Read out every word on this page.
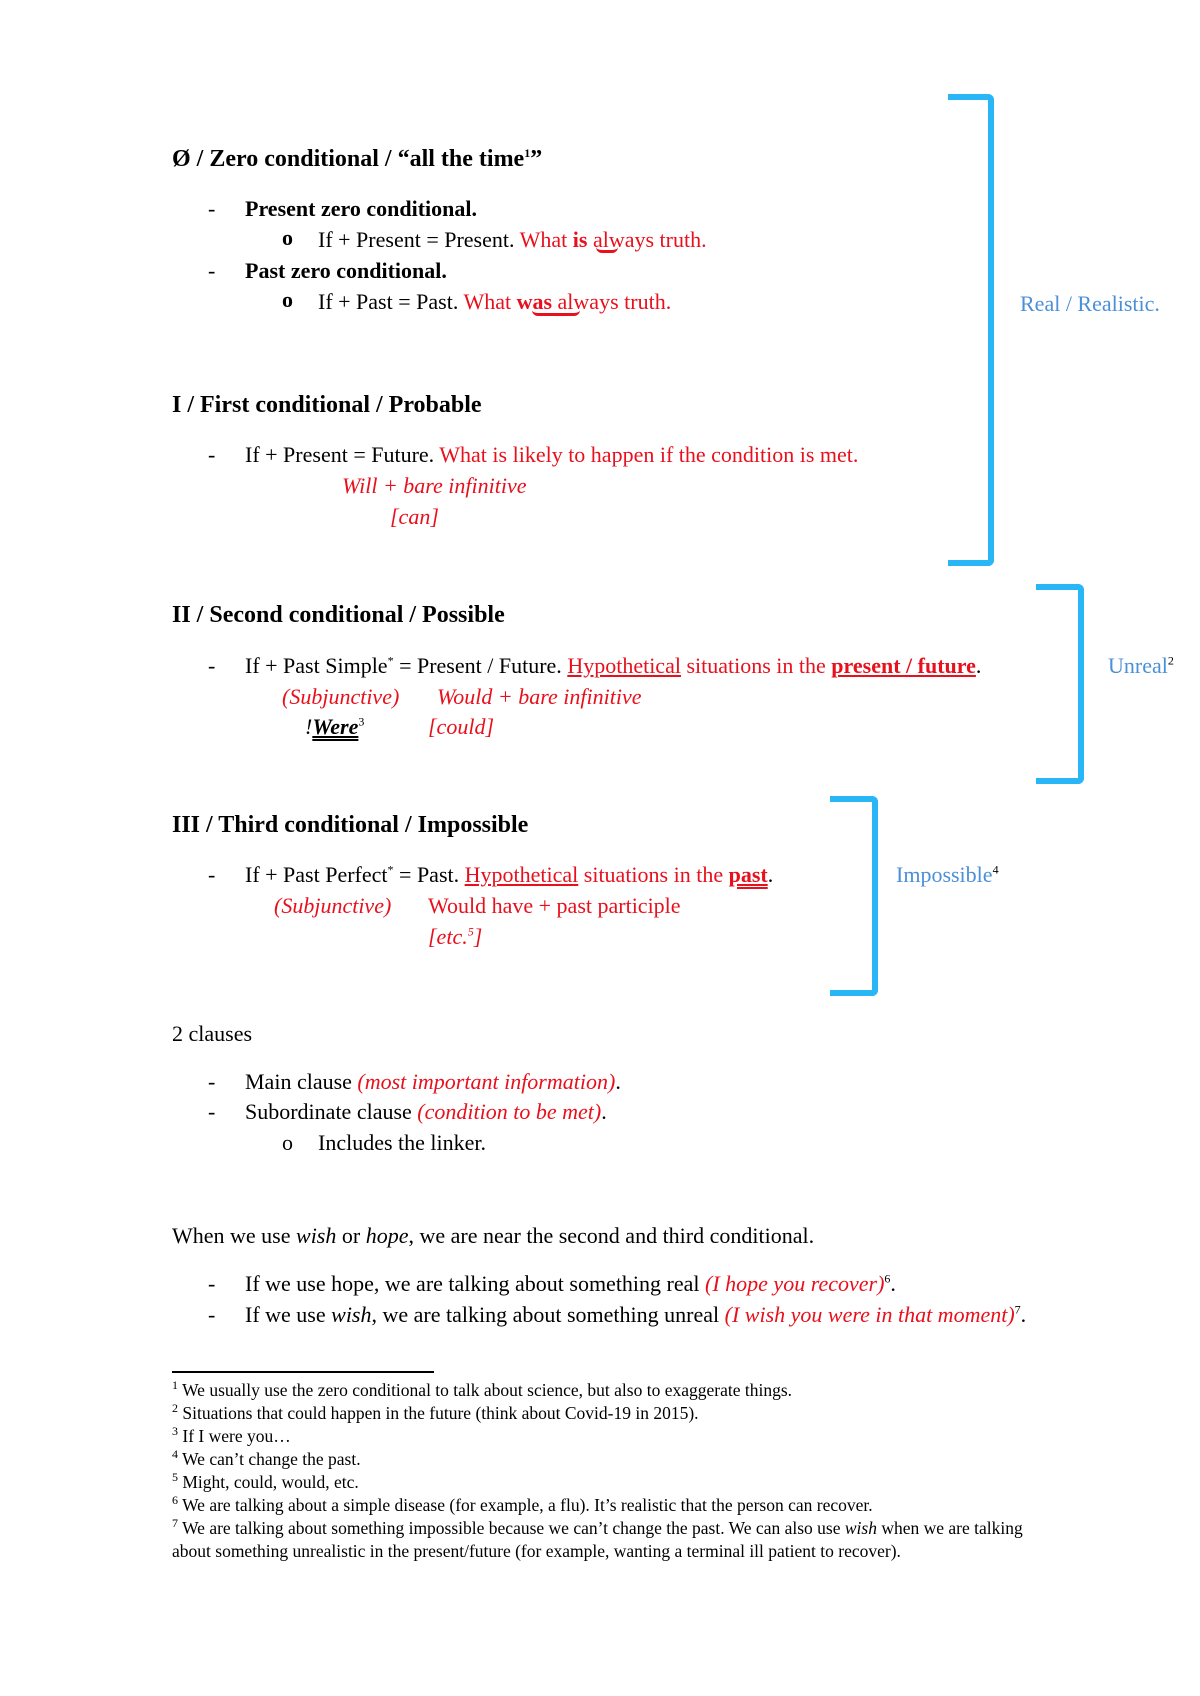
Ø / Zero conditional / “all the time$^1$”
- Present zero conditional.
o If + Present = Present. What is always truth.
- Past zero conditional.
o If + Past = Past. What was always truth.
I / First conditional / Probable
- If + Present = Future. What is likely to happen if the condition is met.
Will + bare infinitive
[can]
II / Second conditional / Possible
- If + Past Simple* = Present / Future. Hypothetical situations in the present / future.
(Subjunctive) Would + bare infinitive
!Were$^3$	[could]
III / Third conditional / Impossible
- If + Past Perfect* = Past. Hypothetical situations in the past.
(Subjunctive) Would have + past participle
[etc.$^5$]
Real / Realistic.
Unreal$^2$
Impossible$^4$
2 clauses
- Main clause (most important information).
- Subordinate clause (condition to be met).
o Includes the linker.
When we use wish or hope, we are near the second and third conditional.
- If we use hope, we are talking about something real (I hope you recover)$^6$.
- If we use wish, we are talking about something unreal (I wish you were in that moment)$^7$.
$^1$ We usually use the zero conditional to talk about science, but also to exaggerate things.
$^2$ Situations that could happen in the future (think about Covid-19 in 2015).
$^3$ If I were you…
$^4$ We can’t change the past.
$^5$ Might, could, would, etc.
$^6$ We are talking about a simple disease (for example, a flu). It’s realistic that the person can recover.
$^7$ We are talking about something impossible because we can’t change the past. We can also use wish when we are talking
about something unrealistic in the present/future (for example, wanting a terminal ill patient to recover).
